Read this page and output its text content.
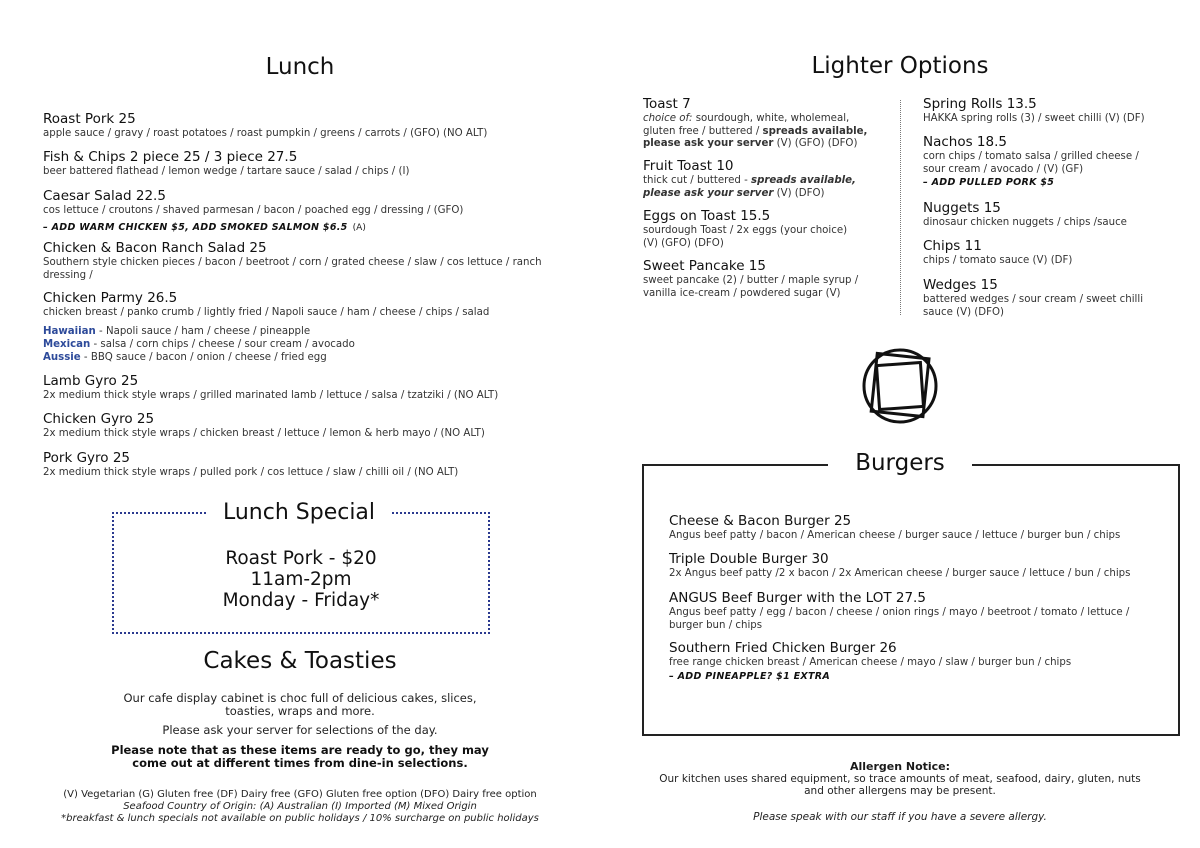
Lunch
Roast Pork 25
apple sauce / gravy / roast potatoes / roast pumpkin / greens / carrots / (GFO) (NO ALT)
Fish & Chips 2 piece 25 / 3 piece 27.5
beer battered flathead / lemon wedge / tartare sauce / salad / chips / (I)
Caesar Salad 22.5
cos lettuce / croutons / shaved parmesan / bacon / poached egg / dressing / (GFO)
– ADD WARM CHICKEN $5, ADD SMOKED SALMON $6.5 (A)
Chicken & Bacon Ranch Salad 25
Southern style chicken pieces / bacon / beetroot / corn / grated cheese / slaw / cos lettuce / ranch dressing /
Chicken Parmy 26.5
chicken breast / panko crumb / lightly fried / Napoli sauce / ham / cheese / chips / salad
Hawaiian - Napoli sauce / ham / cheese / pineapple
Mexican - salsa / corn chips / cheese / sour cream / avocado
Aussie - BBQ sauce / bacon / onion / cheese / fried egg
Lamb Gyro 25
2x medium thick style wraps / grilled marinated lamb / lettuce / salsa / tzatziki / (NO ALT)
Chicken Gyro 25
2x medium thick style wraps / chicken breast / lettuce / lemon & herb mayo / (NO ALT)
Pork Gyro 25
2x medium thick style wraps / pulled pork / cos lettuce / slaw / chilli oil / (NO ALT)
Lunch Special
Roast Pork - $20
11am-2pm
Monday - Friday*
Cakes & Toasties
Our cafe display cabinet is choc full of delicious cakes, slices, toasties, wraps and more.
Please ask your server for selections of the day.
Please note that as these items are ready to go, they may come out at different times from dine-in selections.
(V) Vegetarian (G) Gluten free (DF) Dairy free (GFO) Gluten free option (DFO) Dairy free option
Seafood Country of Origin: (A) Australian (I) Imported (M) Mixed Origin
*breakfast & lunch specials not available on public holidays / 10% surcharge on public holidays
Lighter Options
Toast 7
choice of: sourdough, white, wholemeal, gluten free / buttered / spreads available, please ask your server (V) (GFO) (DFO)
Fruit Toast 10
thick cut / buttered - spreads available, please ask your server (V) (DFO)
Eggs on Toast 15.5
sourdough Toast / 2x eggs (your choice)
(V) (GFO) (DFO)
Sweet Pancake 15
sweet pancake (2) / butter / maple syrup / vanilla ice-cream / powdered sugar (V)
Spring Rolls 13.5
HAKKA spring rolls (3) / sweet chilli (V) (DF)
Nachos 18.5
corn chips / tomato salsa / grilled cheese / sour cream / avocado / (V) (GF)
– ADD PULLED PORK $5
Nuggets 15
dinosaur chicken nuggets / chips /sauce
Chips 11
chips / tomato sauce (V) (DF)
Wedges 15
battered wedges / sour cream / sweet chilli sauce (V) (DFO)
Burgers
Cheese & Bacon Burger 25
Angus beef patty / bacon / American cheese / burger sauce / lettuce / burger bun / chips
Triple Double Burger 30
2x Angus beef patty /2 x bacon / 2x American cheese / burger sauce / lettuce / bun / chips
ANGUS Beef Burger with the LOT 27.5
Angus beef patty / egg / bacon / cheese / onion rings / mayo / beetroot / tomato / lettuce / burger bun / chips
Southern Fried Chicken Burger 26
free range chicken breast / American cheese / mayo / slaw / burger bun / chips
– ADD PINEAPPLE? $1 EXTRA
Allergen Notice:
Our kitchen uses shared equipment, so trace amounts of meat, seafood, dairy, gluten, nuts and other allergens may be present.
Please speak with our staff if you have a severe allergy.
